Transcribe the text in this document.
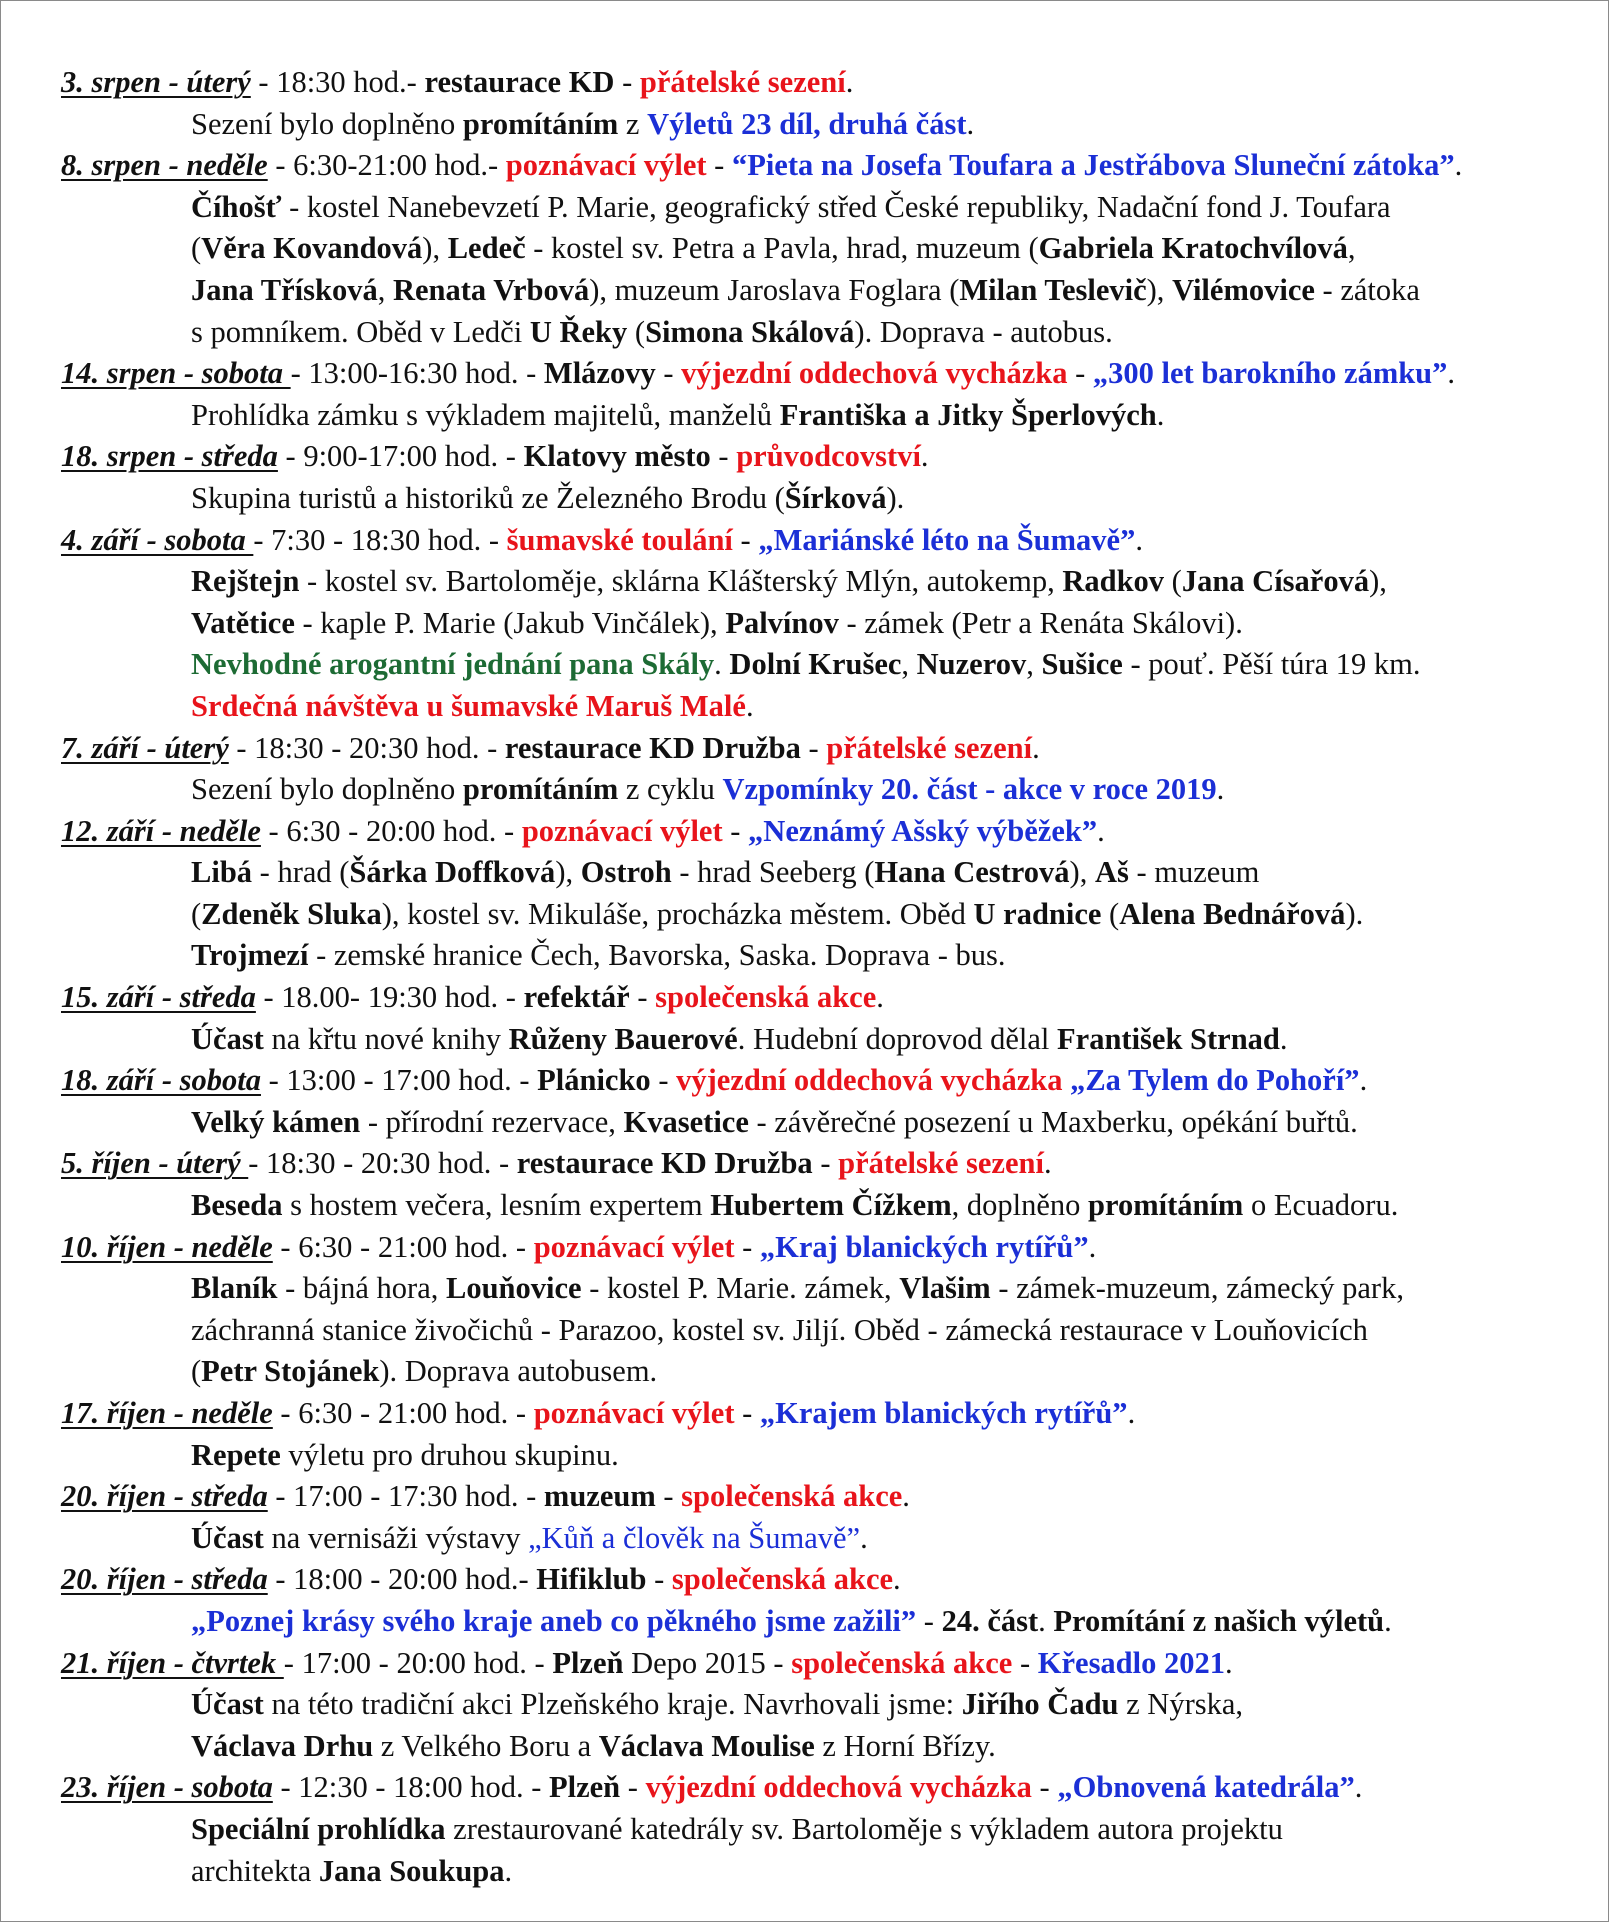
3. srpen - úterý - 18:30 hod.- restaurace KD - přátelské sezení.
Sezení bylo doplněno promítáním z Výletů 23 díl, druhá část.
8. srpen - neděle - 6:30-21:00 hod.- poznávací výlet - “Pieta na Josefa Toufara a Jestřábova Sluneční zátoka”.
Číhošť - kostel Nanebevzetí P. Marie, geografický střed České republiky, Nadační fond J. Toufara
(Věra Kovandová), Ledeč - kostel sv. Petra a Pavla, hrad, muzeum (Gabriela Kratochvílová,
Jana Třísková, Renata Vrbová), muzeum Jaroslava Foglara (Milan Teslevič), Vilémovice - zátoka
s pomníkem. Oběd v Ledči U Řeky (Simona Skálová). Doprava - autobus.
14. srpen - sobota - 13:00-16:30 hod. - Mlázovy - výjezdní oddechová vycházka - „300 let barokního zámku”.
Prohlídka zámku s výkladem majitelů, manželů Františka a Jitky Šperlových.
18. srpen - středa - 9:00-17:00 hod. - Klatovy město - průvodcovství.
Skupina turistů a historiků ze Železného Brodu (Šírková).
4. září - sobota - 7:30 - 18:30 hod. - šumavské toulání - „Mariánské léto na Šumavě”.
Rejštejn - kostel sv. Bartoloměje, sklárna Klášterský Mlýn, autokemp, Radkov (Jana Císařová),
Vatětice - kaple P. Marie (Jakub Vinčálek), Palvínov - zámek (Petr a Renáta Skálovi).
Nevhodné arogantní jednání pana Skály. Dolní Krušec, Nuzerov, Sušice - pouť. Pěší túra 19 km.
Srdečná návštěva u šumavské Maruš Malé.
7. září - úterý - 18:30 - 20:30 hod. - restaurace KD Družba - přátelské sezení.
Sezení bylo doplněno promítáním z cyklu Vzpomínky 20. část - akce v roce 2019.
12. září - neděle - 6:30 - 20:00 hod. - poznávací výlet - „Neznámý Ašský výběžek”.
Libá - hrad (Šárka Doffková), Ostroh - hrad Seeberg (Hana Cestrová), Aš - muzeum
(Zdeněk Sluka), kostel sv. Mikuláše, procházka městem. Oběd U radnice (Alena Bednářová).
Trojmezí - zemské hranice Čech, Bavorska, Saska. Doprava - bus.
15. září - středa - 18.00- 19:30 hod. - refektář - společenská akce.
Účast na křtu nové knihy Růženy Bauerové. Hudební doprovod dělal František Strnad.
18. září - sobota - 13:00 - 17:00 hod. - Plánicko - výjezdní oddechová vycházka „Za Tylem do Pohoří”.
Velký kámen - přírodní rezervace, Kvasetice - závěrečné posezení u Maxberku, opékání buřtů.
5. říjen - úterý - 18:30 - 20:30 hod. - restaurace KD Družba - přátelské sezení.
Beseda s hostem večera, lesním expertem Hubertem Čížkem, doplněno promítáním o Ecuadoru.
10. říjen - neděle - 6:30 - 21:00 hod. - poznávací výlet - „Kraj blanických rytířů”.
Blaník - bájná hora, Louňovice - kostel P. Marie. zámek, Vlašim - zámek-muzeum, zámecký park,
záchranná stanice živočichů - Parazoo, kostel sv. Jiljí. Oběd - zámecká restaurace v Louňovicích
(Petr Stojánek). Doprava autobusem.
17. říjen - neděle - 6:30 - 21:00 hod. - poznávací výlet - „Krajem blanických rytířů”.
Repete výletu pro druhou skupinu.
20. říjen - středa - 17:00 - 17:30 hod. - muzeum - společenská akce.
Účast na vernisáži výstavy „Kůň a člověk na Šumavě”.
20. říjen - středa - 18:00 - 20:00 hod.- Hifiklub - společenská akce.
„Poznej krásy svého kraje aneb co pěkného jsme zažili” - 24. část. Promítání z našich výletů.
21. říjen - čtvrtek - 17:00 - 20:00 hod. - Plzeň Depo 2015 - společenská akce - Křesadlo 2021.
Účast na této tradiční akci Plzeňského kraje. Navrhovali jsme: Jiřího Čadu z Nýrska,
Václava Drhu z Velkého Boru a Václava Moulise z Horní Břízy.
23. říjen - sobota - 12:30 - 18:00 hod. - Plzeň - výjezdní oddechová vycházka - „Obnovená katedrála”.
Speciální prohlídka zrestaurované katedrály sv. Bartoloměje s výkladem autora projektu
architekta Jana Soukupa.
